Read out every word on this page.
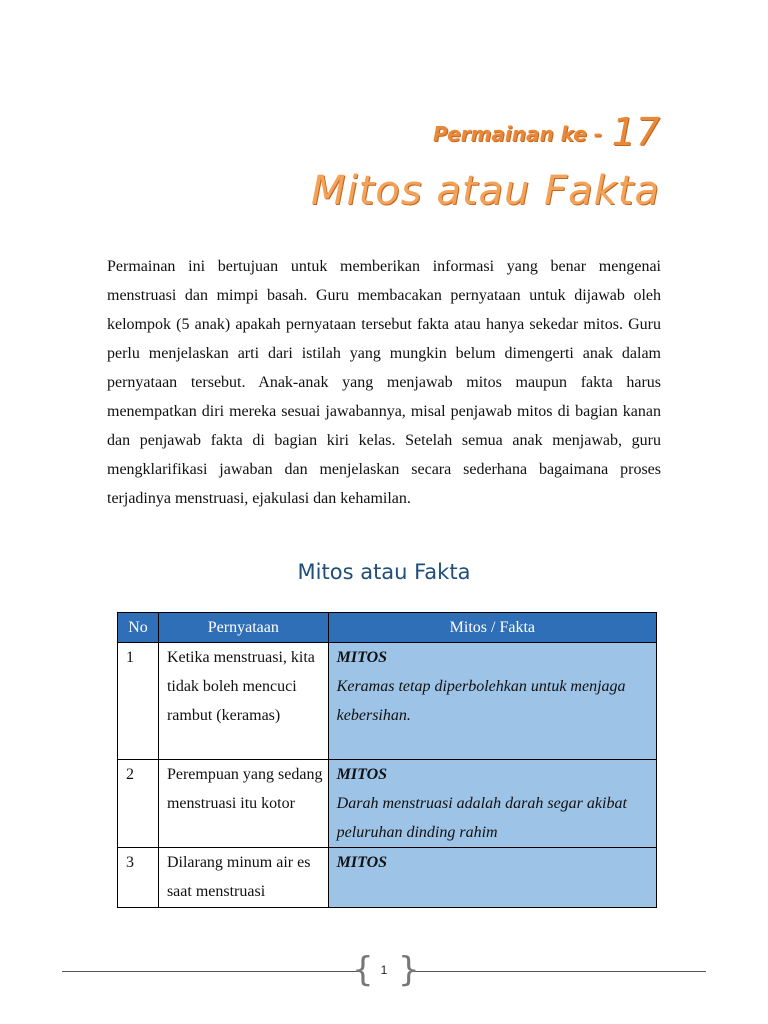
Permainan ke - 17
Mitos atau Fakta

Permainan ini bertujuan untuk memberikan informasi yang benar mengenai menstruasi dan mimpi basah. Guru membacakan pernyataan untuk dijawab oleh kelompok (5 anak) apakah pernyataan tersebut fakta atau hanya sekedar mitos. Guru perlu menjelaskan arti dari istilah yang mungkin belum dimengerti anak dalam pernyataan tersebut. Anak-anak yang menjawab mitos maupun fakta harus menempatkan diri mereka sesuai jawabannya, misal penjawab mitos di bagian kanan dan penjawab fakta di bagian kiri kelas. Setelah semua anak menjawab, guru mengklarifikasi jawaban dan menjelaskan secara sederhana bagaimana proses terjadinya menstruasi, ejakulasi dan kehamilan.

Mitos atau Fakta
No	Pernyataan	Mitos / Fakta
1	Ketika menstruasi, kita tidak boleh mencuci rambut (keramas)	MITOS
Keramas tetap diperbolehkan untuk menjaga kebersihan.

2	Perempuan yang sedang menstruasi itu kotor	MITOS
Darah menstruasi adalah darah segar akibat peluruhan dinding rahim

3	Dilarang minum air es saat menstruasi	MITOS
{ }
1
